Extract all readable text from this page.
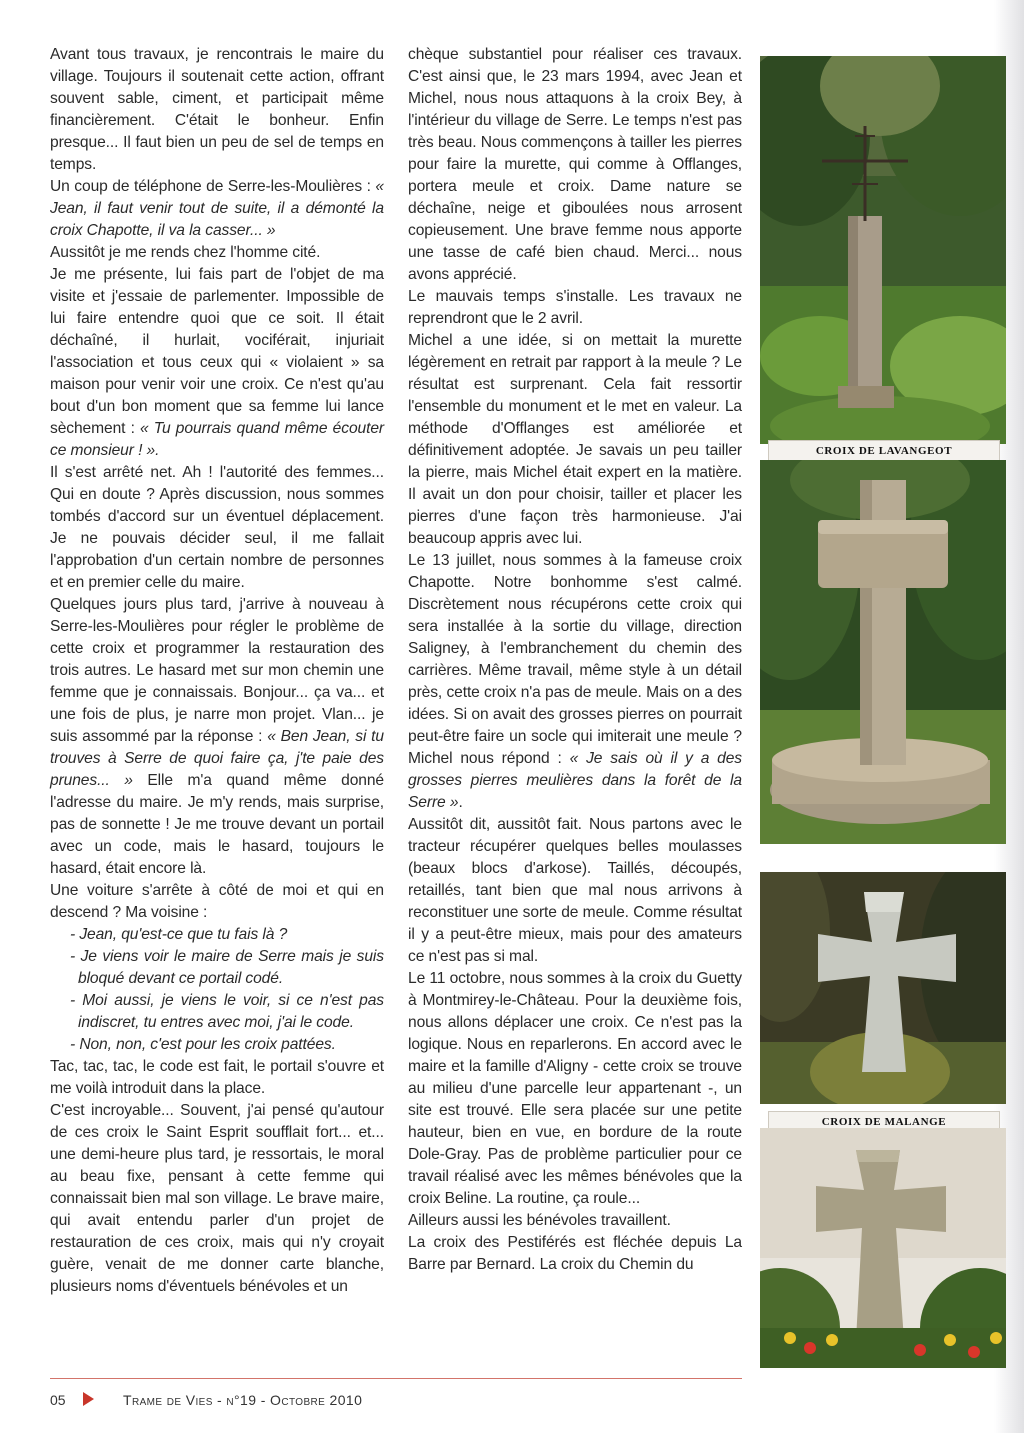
Avant tous travaux, je rencontrais le maire du village. Toujours il soutenait cette action, offrant souvent sable, ciment, et participait même financièrement. C'était le bonheur. Enfin presque... Il faut bien un peu de sel de temps en temps.

Un coup de téléphone de Serre-les-Moulières : « Jean, il faut venir tout de suite, il a démonté la croix Chapotte, il va la casser... »

Aussitôt je me rends chez l'homme cité.

Je me présente, lui fais part de l'objet de ma visite et j'essaie de parlementer. Impossible de lui faire entendre quoi que ce soit. Il était déchaîné, il hurlait, vociférait, injuriait l'association et tous ceux qui « violaient » sa maison pour venir voir une croix. Ce n'est qu'au bout d'un bon moment que sa femme lui lance sèchement : « Tu pourrais quand même écouter ce monsieur ! ».

Il s'est arrêté net. Ah ! l'autorité des femmes... Qui en doute ? Après discussion, nous sommes tombés d'accord sur un éventuel déplacement. Je ne pouvais décider seul, il me fallait l'approbation d'un certain nombre de personnes et en premier celle du maire.

Quelques jours plus tard, j'arrive à nouveau à Serre-les-Moulières pour régler le problème de cette croix et programmer la restauration des trois autres. Le hasard met sur mon chemin une femme que je connaissais. Bonjour... ça va... et une fois de plus, je narre mon projet. Vlan... je suis assommé par la réponse : « Ben Jean, si tu trouves à Serre de quoi faire ça, j'te paie des prunes... » Elle m'a quand même donné l'adresse du maire. Je m'y rends, mais surprise, pas de sonnette ! Je me trouve devant un portail avec un code, mais le hasard, toujours le hasard, était encore là.

Une voiture s'arrête à côté de moi et qui en descend ? Ma voisine :

- Jean, qu'est-ce que tu fais là ?

- Je viens voir le maire de Serre mais je suis bloqué devant ce portail codé.

- Moi aussi, je viens le voir, si ce n'est pas indiscret, tu entres avec moi, j'ai le code.

- Non, non, c'est pour les croix pattées.

Tac, tac, tac, le code est fait, le portail s'ouvre et me voilà introduit dans la place.

C'est incroyable... Souvent, j'ai pensé qu'autour de ces croix le Saint Esprit soufflait fort... et... une demi-heure plus tard, je ressortais, le moral au beau fixe, pensant à cette femme qui connaissait bien mal son village. Le brave maire, qui avait entendu parler d'un projet de restauration de ces croix, mais qui n'y croyait guère, venait de me donner carte blanche, plusieurs noms d'éventuels bénévoles et un

chèque substantiel pour réaliser ces travaux. C'est ainsi que, le 23 mars 1994, avec Jean et Michel, nous nous attaquons à la croix Bey, à l'intérieur du village de Serre. Le temps n'est pas très beau. Nous commençons à tailler les pierres pour faire la murette, qui comme à Offlanges, portera meule et croix. Dame nature se déchaîne, neige et giboulées nous arrosent copieusement. Une brave femme nous apporte une tasse de café bien chaud. Merci... nous avons apprécié.

Le mauvais temps s'installe. Les travaux ne reprendront que le 2 avril.

Michel a une idée, si on mettait la murette légèrement en retrait par rapport à la meule ? Le résultat est surprenant. Cela fait ressortir l'ensemble du monument et le met en valeur. La méthode d'Offlanges est améliorée et définitivement adoptée. Je savais un peu tailler la pierre, mais Michel était expert en la matière. Il avait un don pour choisir, tailler et placer les pierres d'une façon très harmonieuse. J'ai beaucoup appris avec lui.

Le 13 juillet, nous sommes à la fameuse croix Chapotte. Notre bonhomme s'est calmé. Discrètement nous récupérons cette croix qui sera installée à la sortie du village, direction Saligney, à l'embranchement du chemin des carrières. Même travail, même style à un détail près, cette croix n'a pas de meule. Mais on a des idées. Si on avait des grosses pierres on pourrait peut-être faire un socle qui imiterait une meule ? Michel nous répond : « Je sais où il y a des grosses pierres meulières dans la forêt de la Serre ».

Aussitôt dit, aussitôt fait. Nous partons avec le tracteur récupérer quelques belles moulasses (beaux blocs d'arkose). Taillés, découpés, retaillés, tant bien que mal nous arrivons à reconstituer une sorte de meule. Comme résultat il y a peut-être mieux, mais pour des amateurs ce n'est pas si mal.

Le 11 octobre, nous sommes à la croix du Guetty à Montmirey-le-Château. Pour la deuxième fois, nous allons déplacer une croix. Ce n'est pas la logique. Nous en reparlerons. En accord avec le maire et la famille d'Aligny - cette croix se trouve au milieu d'une parcelle leur appartenant -, un site est trouvé. Elle sera placée sur une petite hauteur, bien en vue, en bordure de la route Dole-Gray. Pas de problème particulier pour ce travail réalisé avec les mêmes bénévoles que la croix Beline. La routine, ça roule...

Ailleurs aussi les bénévoles travaillent.

La croix des Pestiférés est fléchée depuis La Barre par Bernard. La croix du Chemin du

CROIX DE LAVANGEOT
CROIX DE MALANGE
05	Trame de Vies - n°19 - Octobre 2010
